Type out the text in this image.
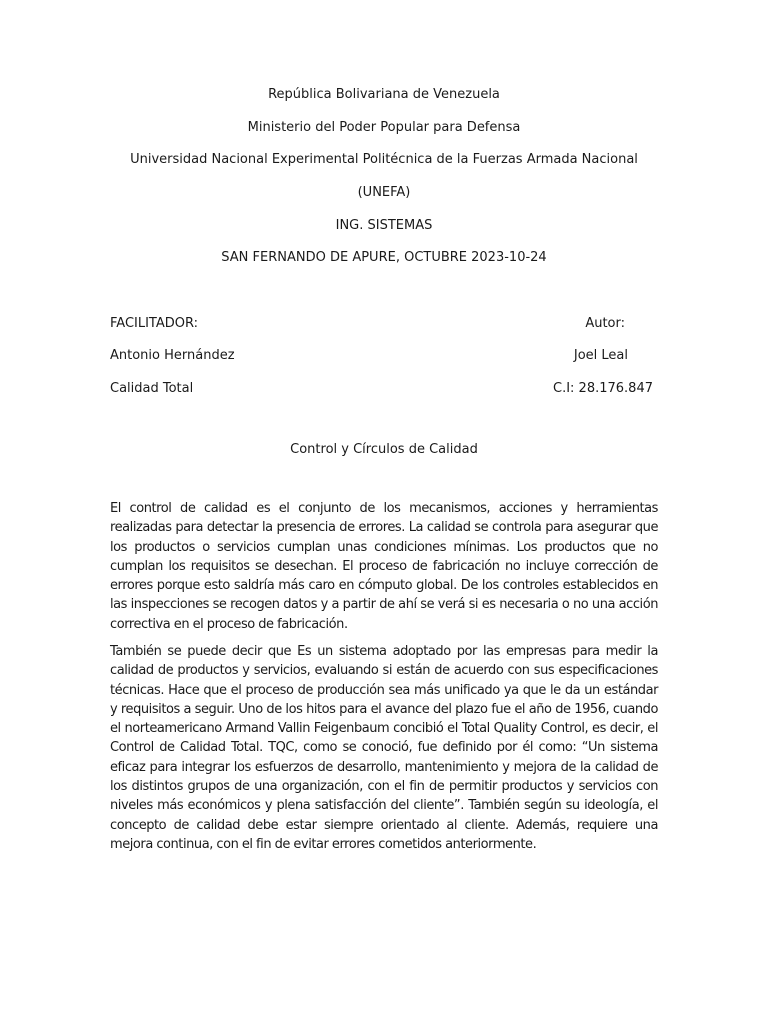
República Bolivariana de Venezuela
Ministerio del Poder Popular para Defensa
Universidad Nacional Experimental Politécnica de la Fuerzas Armada Nacional
(UNEFA)
ING. SISTEMAS
SAN FERNANDO DE APURE, OCTUBRE 2023-10-24
FACILITADOR:	Autor:
Antonio Hernández	Joel Leal
Calidad Total	C.I: 28.176.847
Control y Círculos de Calidad

El control de calidad es el conjunto de los mecanismos, acciones y herramientas realizadas para detectar la presencia de errores. La calidad se controla para asegurar que los productos o servicios cumplan unas condiciones mínimas. Los productos que no cumplan los requisitos se desechan. El proceso de fabricación no incluye corrección de errores porque esto saldría más caro en cómputo global. De los controles establecidos en las inspecciones se recogen datos y a partir de ahí se verá si es necesaria o no una acción correctiva en el proceso de fabricación.

También se puede decir que Es un sistema adoptado por las empresas para medir la calidad de productos y servicios, evaluando si están de acuerdo con sus especificaciones técnicas. Hace que el proceso de producción sea más unificado ya que le da un estándar y requisitos a seguir. Uno de los hitos para el avance del plazo fue el año de 1956, cuando el norteamericano Armand Vallin Feigenbaum concibió el Total Quality Control, es decir, el Control de Calidad Total. TQC, como se conoció, fue definido por él como: “Un sistema eficaz para integrar los esfuerzos de desarrollo, mantenimiento y mejora de la calidad de los distintos grupos de una organización, con el fin de permitir productos y servicios con niveles más económicos y plena satisfacción del cliente”. También según su ideología, el concepto de calidad debe estar siempre orientado al cliente. Además, requiere una mejora continua, con el fin de evitar errores cometidos anteriormente.
